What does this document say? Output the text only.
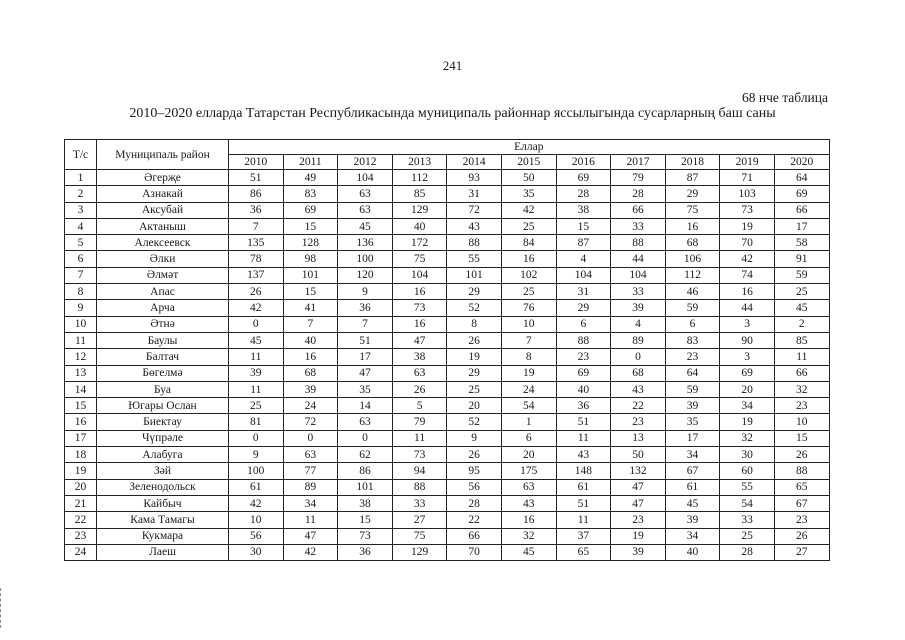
241
68 нче таблица
2010–2020 елларда Татарстан Республикасында муниципаль районнар яссылыгында сусарларның баш саны
Т/с	Муниципаль район	Еллар										
		2010	2011	2012	2013	2014	2015	2016	2017	2018	2019	2020
1	Әгерҗе	51	49	104	112	93	50	69	79	87	71	64
2	Азнакай	86	83	63	85	31	35	28	28	29	103	69
3	Аксубай	36	69	63	129	72	42	38	66	75	73	66
4	Актаныш	7	15	45	40	43	25	15	33	16	19	17
5	Алексеевск	135	128	136	172	88	84	87	88	68	70	58
6	Әлки	78	98	100	75	55	16	4	44	106	42	91
7	Әлмәт	137	101	120	104	101	102	104	104	112	74	59
8	Апас	26	15	9	16	29	25	31	33	46	16	25
9	Арча	42	41	36	73	52	76	29	39	59	44	45
10	Әтнә	0	7	7	16	8	10	6	4	6	3	2
11	Баулы	45	40	51	47	26	7	88	89	83	90	85
12	Балтач	11	16	17	38	19	8	23	0	23	3	11
13	Бөгелмә	39	68	47	63	29	19	69	68	64	69	66
14	Буа	11	39	35	26	25	24	40	43	59	20	32
15	Югары Ослан	25	24	14	5	20	54	36	22	39	34	23
16	Биектау	81	72	63	79	52	1	51	23	35	19	10
17	Чүпрәле	0	0	0	11	9	6	11	13	17	32	15
18	Алабуга	9	63	62	73	26	20	43	50	34	30	26
19	Зәй	100	77	86	94	95	175	148	132	67	60	88
20	Зеленодольск	61	89	101	88	56	63	61	47	61	55	65
21	Кайбыч	42	34	38	33	28	43	51	47	45	54	67
22	Кама Тамагы	10	11	15	27	22	16	11	23	39	33	23
23	Кукмара	56	47	73	75	66	32	37	19	34	25	26
24	Лаеш	30	42	36	129	70	45	65	39	40	28	27
